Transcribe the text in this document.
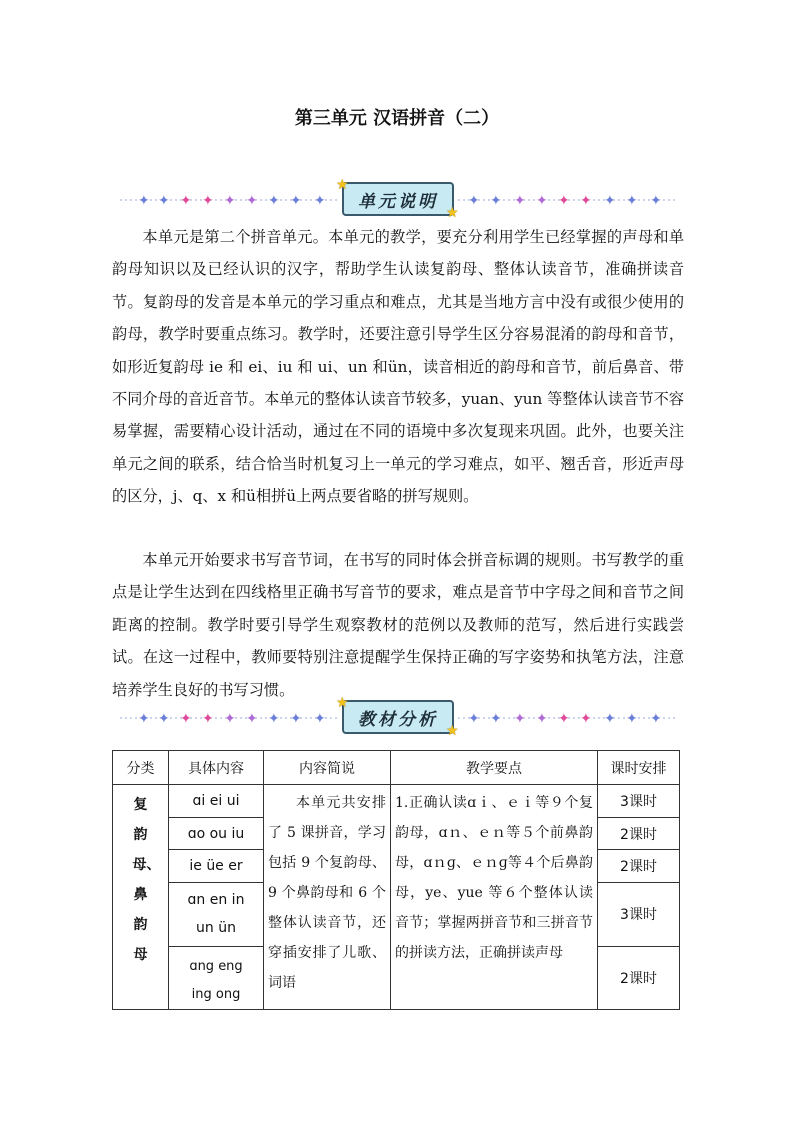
第三单元 汉语拼音（二）
✦ ✦ ✦ ✦ ✦ ✦ ✦ ✦ ✦	✦ ✦ ✦ ✦ ✦ ✦ ✦ ✦ ✦
单元说明
★
★

本单元是第二个拼音单元。本单元的教学，要充分利用学生已经掌握的声母和单韵母知识以及已经认识的汉字，帮助学生认读复韵母、整体认读音节，准确拼读音节。复韵母的发音是本单元的学习重点和难点，尤其是当地方言中没有或很少使用的韵母，教学时要重点练习。教学时，还要注意引导学生区分容易混淆的韵母和音节，如形近复韵母 ie 和 ei、iu 和 ui、un 和ün，读音相近的韵母和音节，前后鼻音、带不同介母的音近音节。本单元的整体认读音节较多，yuan、yun 等整体认读音节不容易掌握，需要精心设计活动，通过在不同的语境中多次复现来巩固。此外，也要关注单元之间的联系，结合恰当时机复习上一单元的学习难点，如平、翘舌音，形近声母的区分，j、q、x 和ü相拼ü上两点要省略的拼写规则。

本单元开始要求书写音节词，在书写的同时体会拼音标调的规则。书写教学的重点是让学生达到在四线格里正确书写音节的要求，难点是音节中字母之间和音节之间距离的控制。教学时要引导学生观察教材的范例以及教师的范写，然后进行实践尝试。在这一过程中，教师要特别注意提醒学生保持正确的写字姿势和执笔方法，注意培养学生良好的书写习惯。

✦ ✦ ✦ ✦ ✦ ✦ ✦ ✦ ✦	✦ ✦ ✦ ✦ ✦ ✦ ✦ ✦ ✦
教材分析
★
★
分类	具体内容	内容简说	教学要点	课时安排

复韵母、鼻韵母	ɑi ei ui	本单元共安排了 5 课拼音，学习包括 9 个复韵母、9 个鼻韵母和 6 个整体认读音节，还穿插安排了儿歌、词语	1.正确认读ɑｉ、ｅｉ等９个复韵母，ɑｎ、ｅｎ等５个前鼻韵母，ɑｎɡ、ｅｎɡ等４个后鼻韵母，ye、yue 等６个整体认读音节；掌握两拼音节和三拼音节的拼读方法，正确拼读声母	3课时
	ɑo ou iu			2课时
	ie üe er			2课时
	ɑn en in un ün			3课时
	ɑng eng ing ong			2课时
